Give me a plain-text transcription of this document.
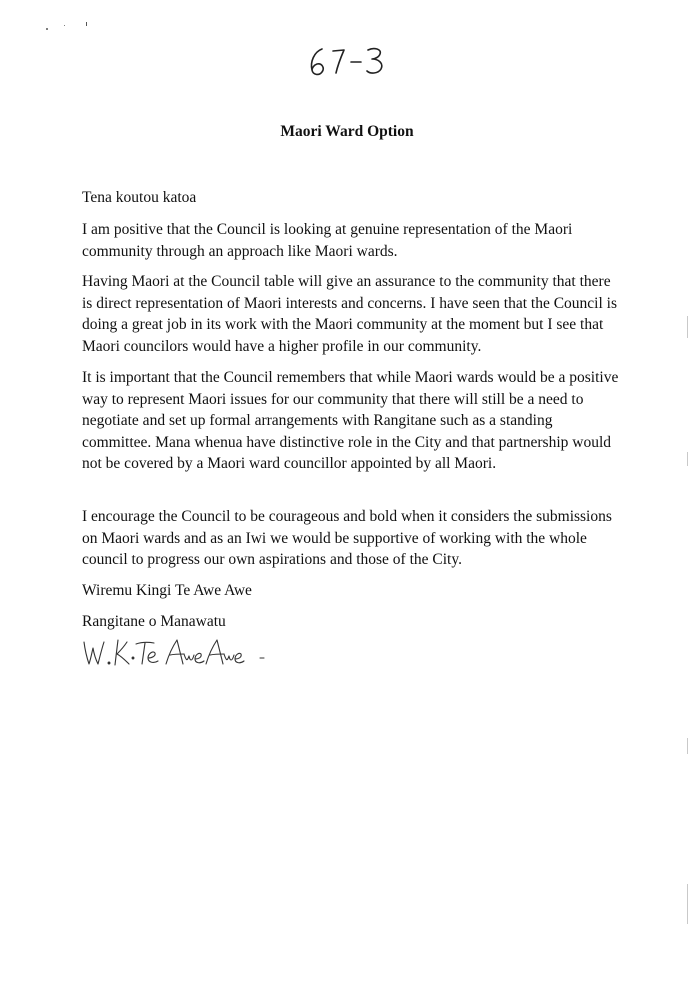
Maori Ward Option

Tena koutou katoa

I am positive that the Council is looking at genuine representation of the Maori community through an approach like Maori wards.

Having Maori at the Council table will give an assurance to the community that there is direct representation of Maori interests and concerns. I have seen that the Council is doing a great job in its work with the Maori community at the moment but I see that Maori councilors would have a higher profile in our community.

It is important that the Council remembers that while Maori wards would be a positive way to represent Maori issues for our community that there will still be a need to negotiate and set up formal arrangements with Rangitane such as a standing committee. Mana whenua have distinctive role in the City and that partnership would not be covered by a Maori ward councillor appointed by all Maori.

I encourage the Council to be courageous and bold when it considers the submissions on Maori wards and as an Iwi we would be supportive of working with the whole council to progress our own aspirations and those of the City.

Wiremu Kingi Te Awe Awe

Rangitane o Manawatu
